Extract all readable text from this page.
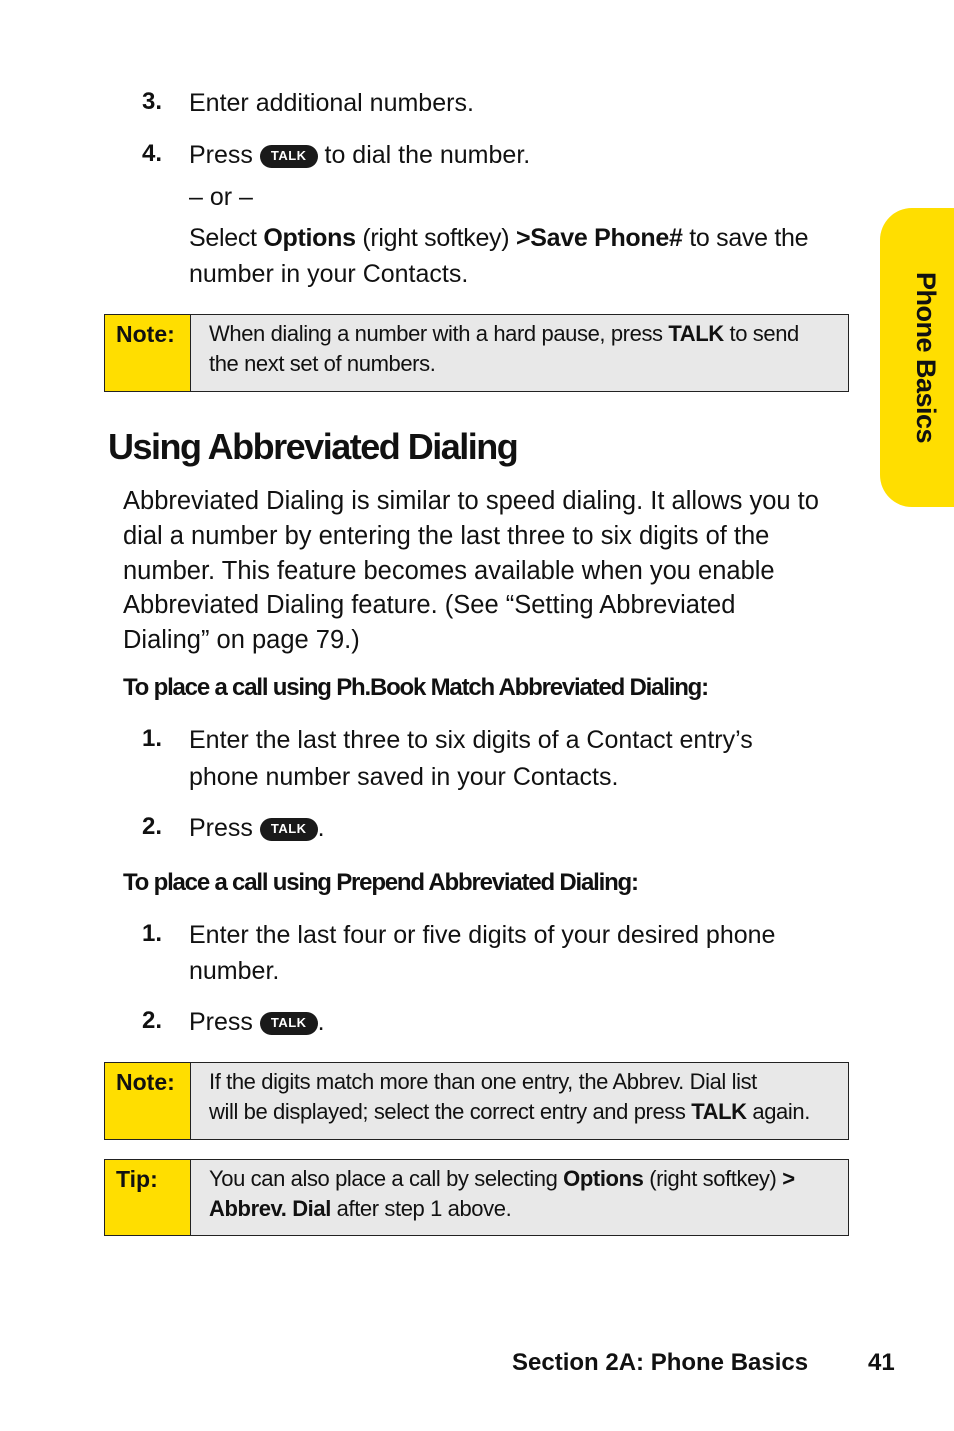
Phone Basics
3. Enter additional numbers.
4. Press TALK to dial the number.
– or –
Select Options (right softkey) >Save Phone# to save the
number in your Contacts.
Note:	When dialing a number with a hard pause, press TALK to send
the next set of numbers.
Using Abbreviated Dialing
Abbreviated Dialing is similar to speed dialing. It allows you to
dial a number by entering the last three to six digits of the
number. This feature becomes available when you enable
Abbreviated Dialing feature. (See “Setting Abbreviated
Dialing” on page 79.)
To place a call using Ph.Book Match Abbreviated Dialing:
1. Enter the last three to six digits of a Contact entry’s
phone number saved in your Contacts.
2. Press TALK .
To place a call using Prepend Abbreviated Dialing:
1. Enter the last four or five digits of your desired phone
number.
2. Press TALK .
Note:	If the digits match more than one entry, the Abbrev. Dial list
will be displayed; select the correct entry and press TALK again.
Tip:	You can also place a call by selecting Options (right softkey) >
Abbrev. Dial after step 1 above.
Section 2A: Phone Basics 41
